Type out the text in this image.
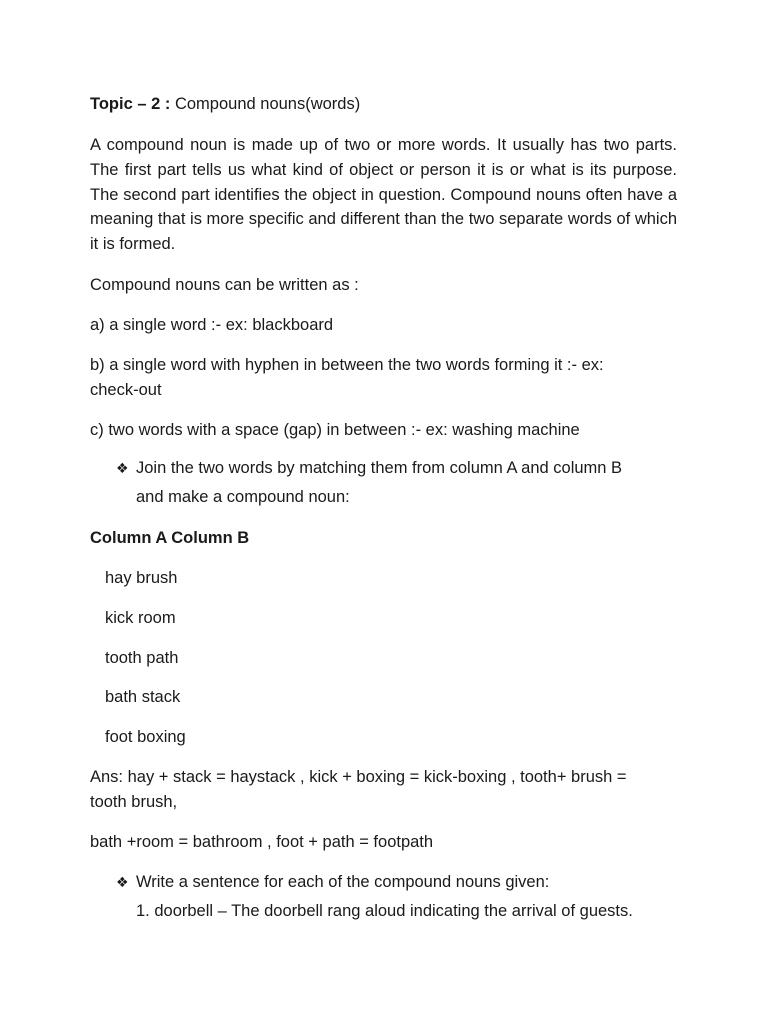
Topic – 2 : Compound nouns(words)
A compound noun is made up of two or more words. It usually has two parts. The first part tells us what kind of object or person it is or what is its purpose. The second part identifies the object in question. Compound nouns often have a meaning that is more specific and different than the two separate words of which it is formed.
Compound nouns can be written as :
a) a single word :- ex: blackboard
b) a single word with hyphen in between the two words forming it :- ex:
check-out
c) two words with a space (gap) in between :- ex: washing machine
❖ Join the two words by matching them from column A and column B
and make a compound noun:
Column A Column B
hay brush
kick room
tooth path
bath stack
foot boxing
Ans: hay + stack = haystack , kick + boxing = kick-boxing , tooth+ brush =
tooth brush,
bath +room = bathroom , foot + path = footpath
❖ Write a sentence for each of the compound nouns given:
1. doorbell – The doorbell rang aloud indicating the arrival of guests.
